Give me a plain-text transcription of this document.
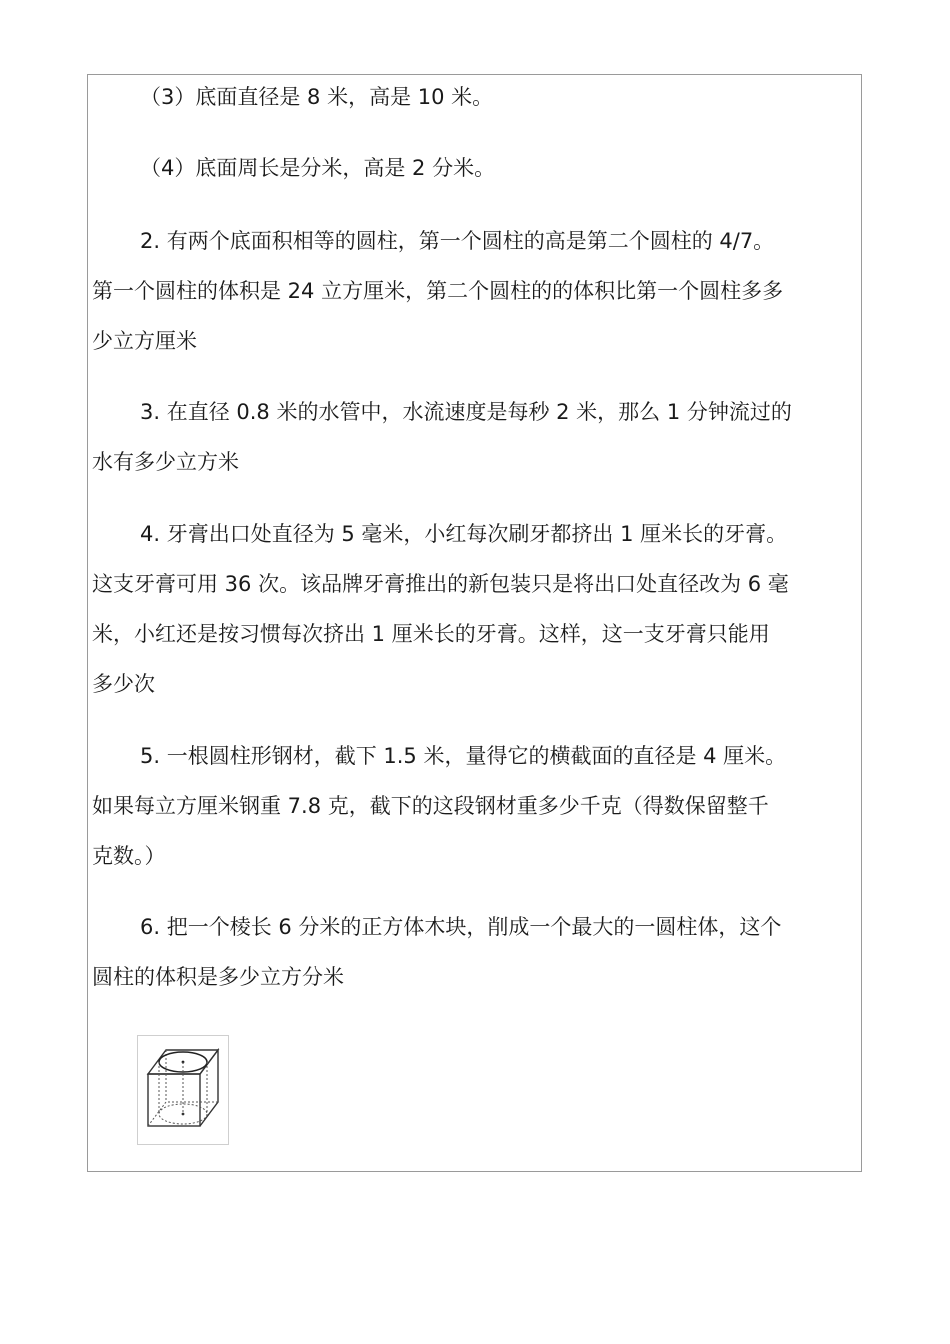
（3）底面直径是 8 米，高是 10 米。
（4）底面周长是分米，高是 2 分米。
2. 有两个底面积相等的圆柱，第一个圆柱的高是第二个圆柱的 4/7。
第一个圆柱的体积是 24 立方厘米，第二个圆柱的的体积比第一个圆柱多多
少立方厘米
3. 在直径 0.8 米的水管中，水流速度是每秒 2 米，那么 1 分钟流过的
水有多少立方米
4. 牙膏出口处直径为 5 毫米，小红每次刷牙都挤出 1 厘米长的牙膏。
这支牙膏可用 36 次。该品牌牙膏推出的新包装只是将出口处直径改为 6 毫
米，小红还是按习惯每次挤出 1 厘米长的牙膏。这样，这一支牙膏只能用
多少次
5. 一根圆柱形钢材，截下 1.5 米，量得它的横截面的直径是 4 厘米。
如果每立方厘米钢重 7.8 克，截下的这段钢材重多少千克（得数保留整千
克数。）
6. 把一个棱长 6 分米的正方体木块，削成一个最大的一圆柱体，这个
圆柱的体积是多少立方分米
